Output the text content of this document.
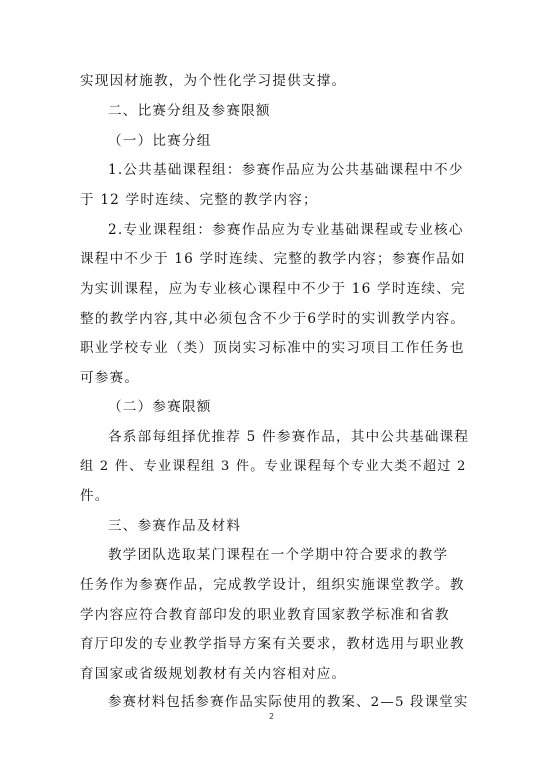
实现因材施教，为个性化学习提供支撑。
二、比赛分组及参赛限额
（一）比赛分组
1.公共基础课程组：参赛作品应为公共基础课程中不少
于 12 学时连续、完整的教学内容；
2.专业课程组：参赛作品应为专业基础课程或专业核心
课程中不少于 16 学时连续、完整的教学内容；参赛作品如
为实训课程，应为专业核心课程中不少于 16 学时连续、完
整的教学内容,其中必须包含不少于6学时的实训教学内容。
职业学校专业（类）顶岗实习标准中的实习项目工作任务也
可参赛。
（二）参赛限额
各系部每组择优推荐 5 件参赛作品，其中公共基础课程
组 2 件、专业课程组 3 件。专业课程每个专业大类不超过 2
件。
三、参赛作品及材料
教学团队选取某门课程在一个学期中符合要求的教学
任务作为参赛作品，完成教学设计，组织实施课堂教学。教
学内容应符合教育部印发的职业教育国家教学标准和省教
育厅印发的专业教学指导方案有关要求，教材选用与职业教
育国家或省级规划教材有关内容相对应。
参赛材料包括参赛作品实际使用的教案、2—5 段课堂实
2
